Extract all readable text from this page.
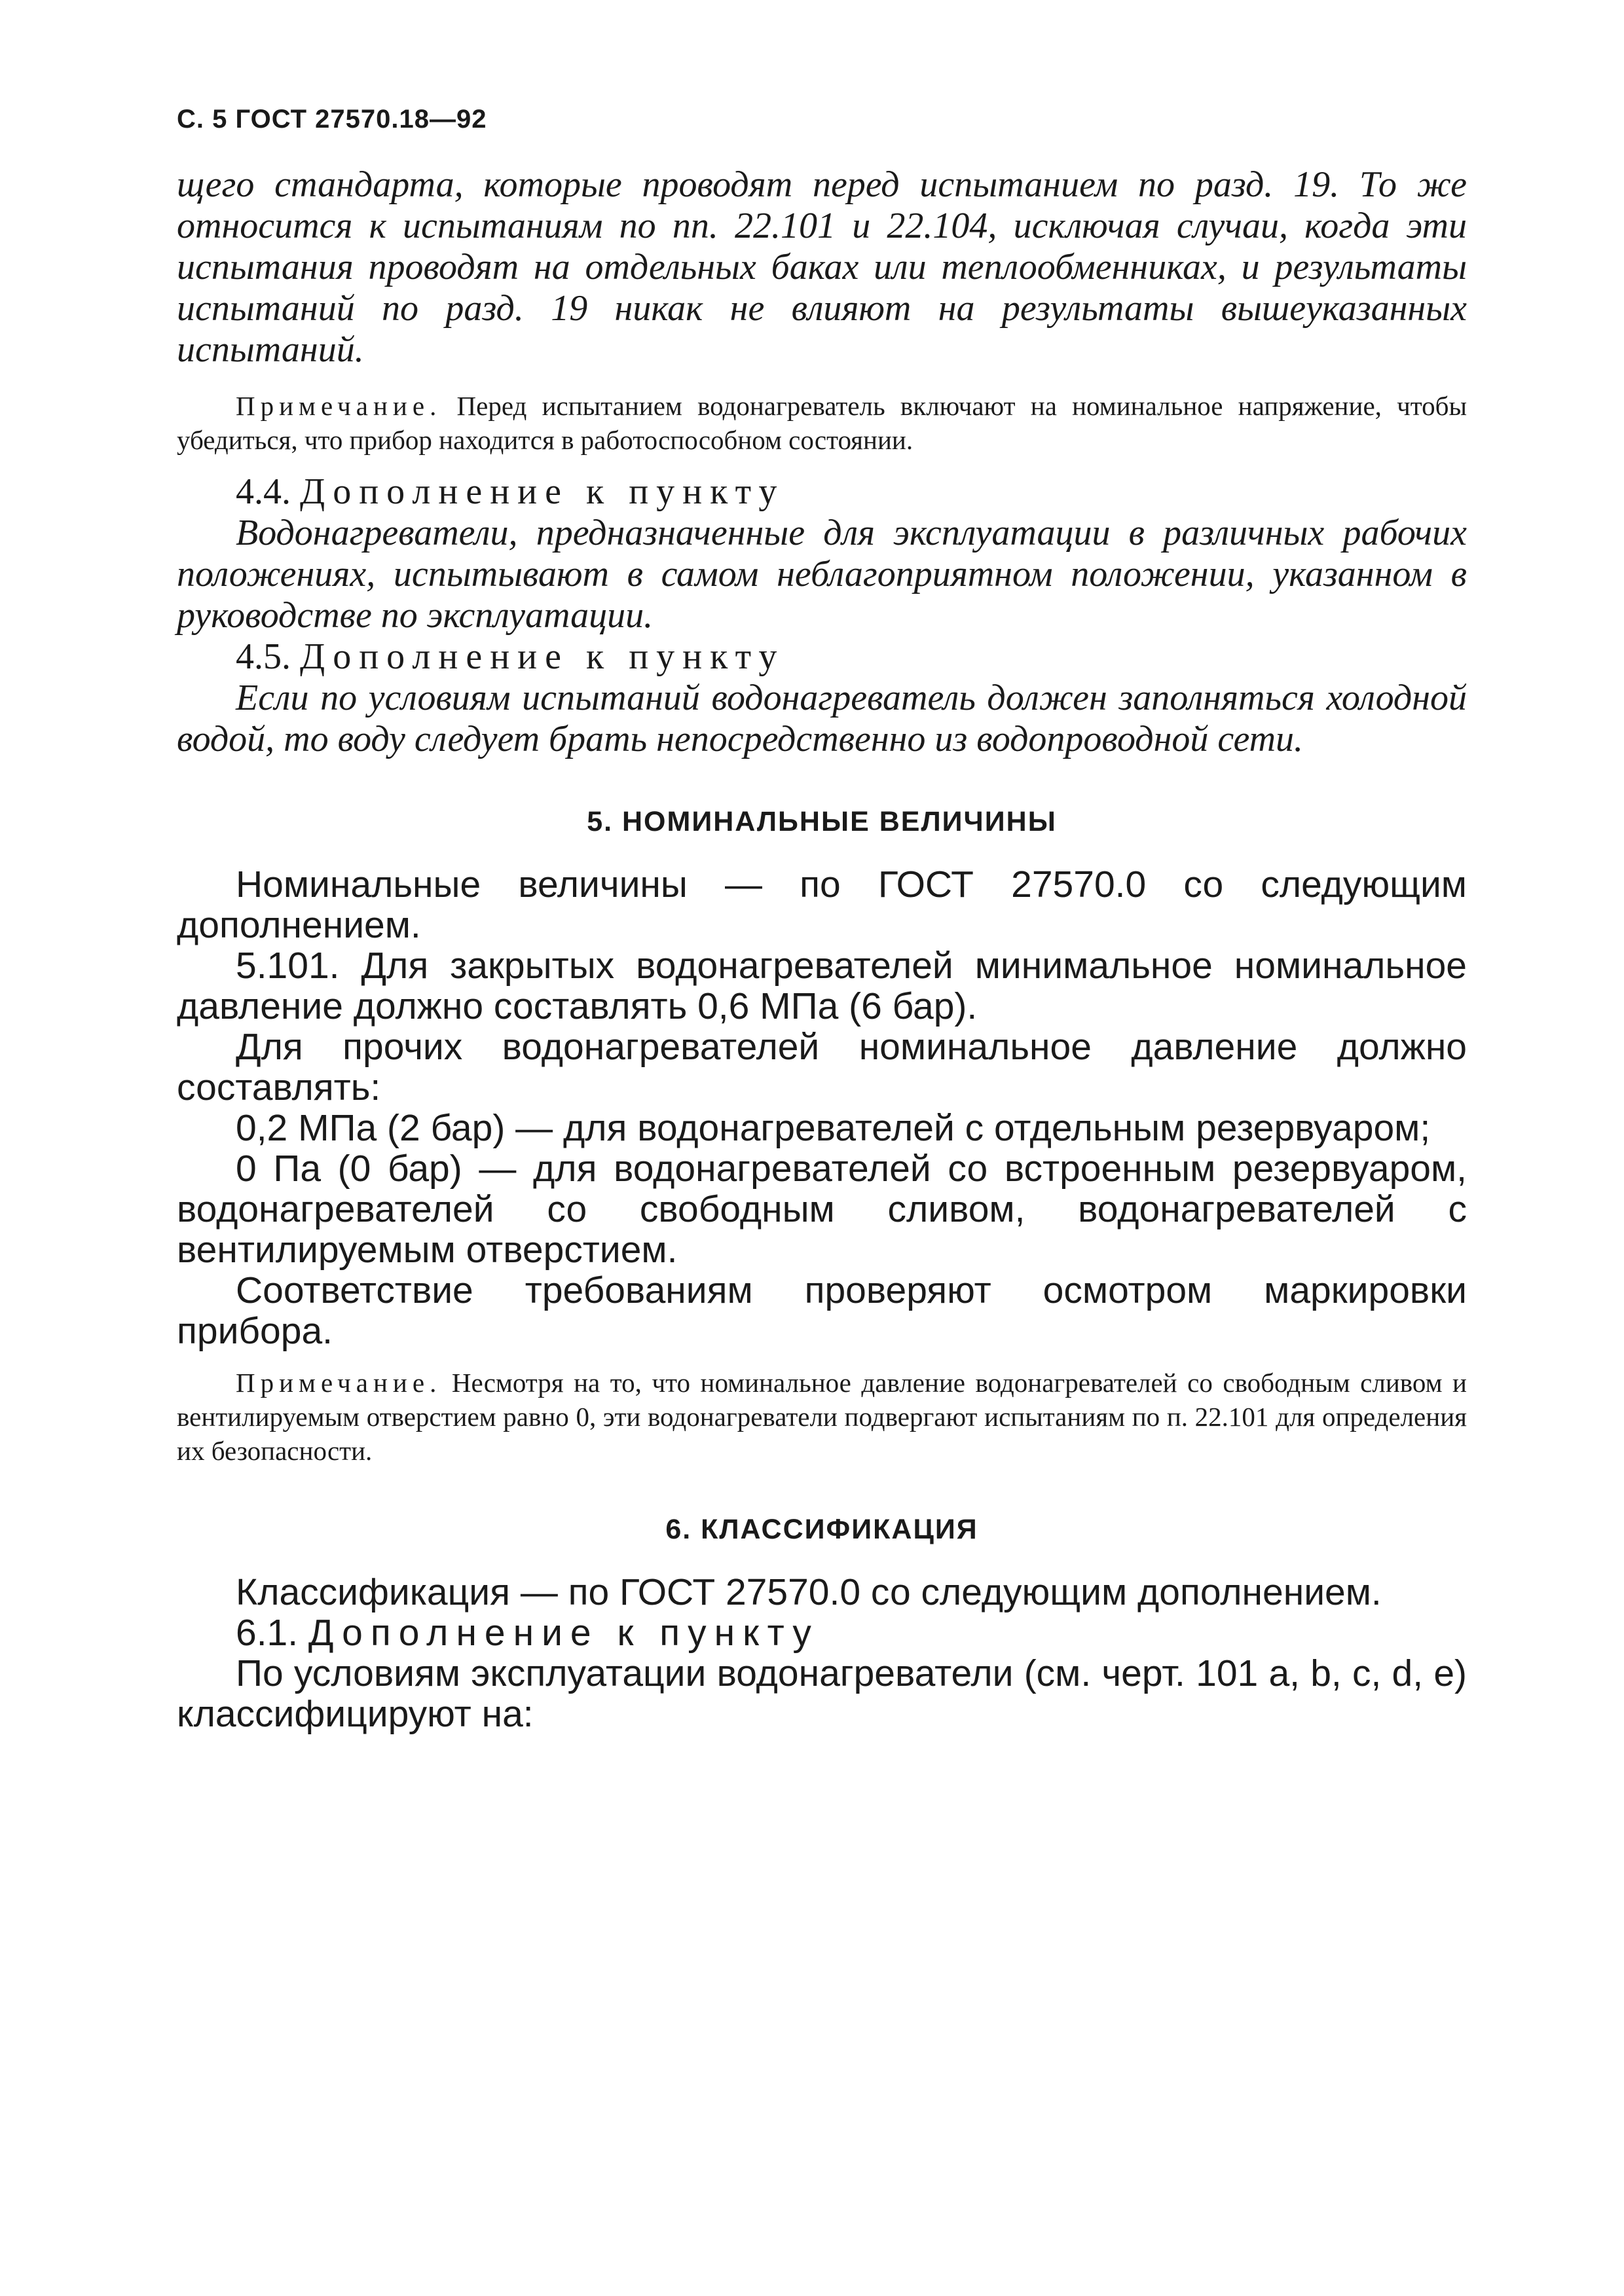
С. 5 ГОСТ 27570.18—92

щего стандарта, которые проводят перед испытанием по разд. 19. То же относится к испытаниям по пп. 22.101 и 22.104, исключая случаи, когда эти испытания проводят на отдельных баках или теплообменниках, и результаты испытаний по разд. 19 никак не влияют на результаты вышеуказанных испытаний.

Примечание. Перед испытанием водонагреватель включают на номинальное напряжение, чтобы убедиться, что прибор находится в работоспособном состоянии.

4.4. Дополнение к пункту

Водонагреватели, предназначенные для эксплуатации в различных рабочих положениях, испытывают в самом неблагоприятном положении, указанном в руководстве по эксплуатации.

4.5. Дополнение к пункту

Если по условиям испытаний водонагреватель должен заполняться холодной водой, то воду следует брать непосредственно из водопроводной сети.

5. НОМИНАЛЬНЫЕ ВЕЛИЧИНЫ

Номинальные величины — по ГОСТ 27570.0 со следующим дополнением.

5.101. Для закрытых водонагревателей минимальное номинальное давление должно составлять 0,6 МПа (6 бар).

Для прочих водонагревателей номинальное давление должно составлять:

0,2 МПа (2 бар) — для водонагревателей с отдельным резервуаром;

0 Па (0 бар) — для водонагревателей со встроенным резервуаром, водонагревателей со свободным сливом, водонагревателей с вентилируемым отверстием.

Соответствие требованиям проверяют осмотром маркировки прибора.

Примечание. Несмотря на то, что номинальное давление водонагревателей со свободным сливом и вентилируемым отверстием равно 0, эти водонагреватели подвергают испытаниям по п. 22.101 для определения их безопасности.

6. КЛАССИФИКАЦИЯ

Классификация — по ГОСТ 27570.0 со следующим дополнением.

6.1. Дополнение к пункту

По условиям эксплуатации водонагреватели (см. черт. 101 a, b, c, d, e) классифицируют на:
